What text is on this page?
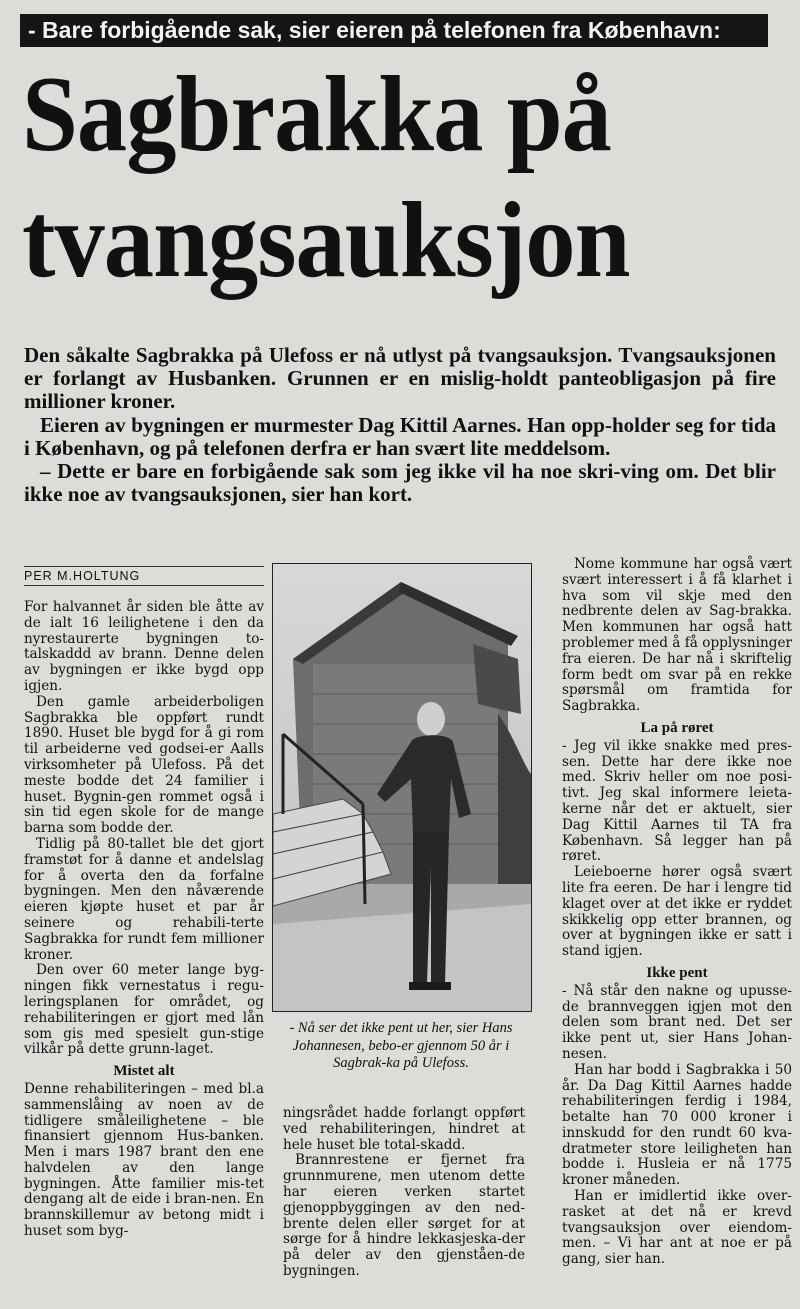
- Bare forbigående sak, sier eieren på telefonen fra København:
Sagbrakka på
tvangsauksjon

Den såkalte Sagbrakka på Ulefoss er nå utlyst på tvangsauksjon. Tvangsauksjonen er forlangt av Husbanken. Grunnen er en mislig-holdt panteobligasjon på fire millioner kroner.

Eieren av bygningen er murmester Dag Kittil Aarnes. Han opp-holder seg for tida i København, og på telefonen derfra er han svært lite meddelsom.

– Dette er bare en forbigående sak som jeg ikke vil ha noe skri-ving om. Det blir ikke noe av tvangsauksjonen, sier han kort.

PER M.HOLTUNG

For halvannet år siden ble åtte av de ialt 16 leilighetene i den da nyrestaurerte bygningen to-talskaddd av brann. Denne delen av bygningen er ikke bygd opp igjen.

Den gamle arbeiderboligen Sagbrakka ble oppført rundt 1890. Huset ble bygd for å gi rom til arbeiderne ved godsei-er Aalls virksomheter på Ulefoss. På det meste bodde det 24 familier i huset. Bygnin-gen rommet også i sin tid egen skole for de mange barna som bodde der.

Tidlig på 80-tallet ble det gjort framstøt for å danne et andelslag for å overta den da forfalne bygningen. Men den nåværende eieren kjøpte huset et par år seinere og rehabili-terte Sagbrakka for rundt fem millioner kroner.

Den over 60 meter lange byg-ningen fikk vernestatus i regu-leringsplanen for området, og rehabiliteringen er gjort med lån som gis med spesielt gun-stige vilkår på dette grunn-laget.

Mistet alt

Denne rehabiliteringen – med bl.a sammenslåing av noen av de tidligere småleilighetene – ble finansiert gjennom Hus-banken. Men i mars 1987 brant den ene halvdelen av den lange bygningen. Åtte familier mis-tet dengang alt de eide i bran-nen. En brannskillemur av betong midt i huset som byg-

- Nå ser det ikke pent ut her, sier Hans Johannesen, bebo-er gjennom 50 år i Sagbrak-ka på Ulefoss.

ningsrådet hadde forlangt oppført ved rehabiliteringen, hindret at hele huset ble total-skadd.

Brannrestene er fjernet fra grunnmurene, men utenom dette har eieren verken startet gjenoppbyggingen av den ned-brente delen eller sørget for at sørge for å hindre lekkasjeska-der på deler av den gjenståen-de bygningen.

Nome kommune har også vært svært interessert i å få klarhet i hva som vil skje med den nedbrente delen av Sag-brakka. Men kommunen har også hatt problemer med å få opplysninger fra eieren. De har nå i skriftelig form bedt om svar på en rekke spørsmål om framtida for Sagbrakka.

La på røret

- Jeg vil ikke snakke med pres-sen. Dette har dere ikke noe med. Skriv heller om noe posi-tivt. Jeg skal informere leieta-kerne når det er aktuelt, sier Dag Kittil Aarnes til TA fra København. Så legger han på røret.

Leieboerne hører også svært lite fra eeren. De har i lengre tid klaget over at det ikke er ryddet skikkelig opp etter brannen, og over at bygningen ikke er satt i stand igjen.

Ikke pent

- Nå står den nakne og upusse-de brannveggen igjen mot den delen som brant ned. Det ser ikke pent ut, sier Hans Johan-nesen.

Han har bodd i Sagbrakka i 50 år. Da Dag Kittil Aarnes hadde rehabiliteringen ferdig i 1984, betalte han 70 000 kroner i innskudd for den rundt 60 kva-dratmeter store leiligheten han bodde i. Husleia er nå 1775 kroner måneden.

Han er imidlertid ikke over-rasket at det nå er krevd tvangsauksjon over eiendom-men. – Vi har ant at noe er på gang, sier han.
